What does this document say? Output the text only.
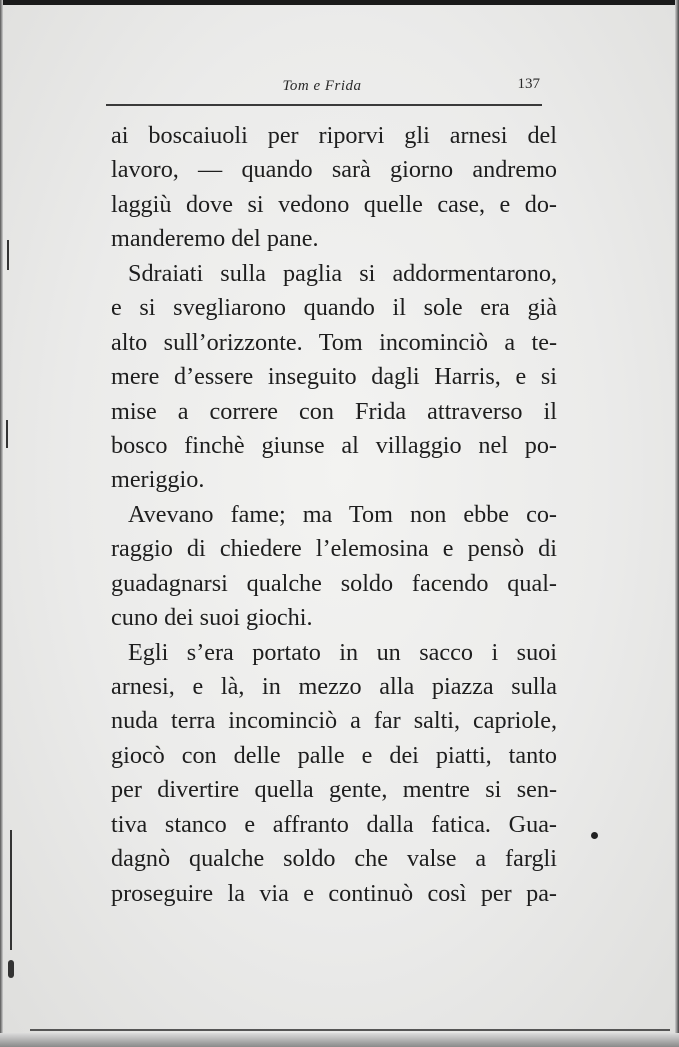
Tom e Frida	137
ai boscaiuoli per riporvi gli arnesi del
lavoro, — quando sarà giorno andremo
laggiù dove si vedono quelle case, e do-
manderemo del pane.
Sdraiati sulla paglia si addormentarono,
e si svegliarono quando il sole era già
alto sull’orizzonte. Tom incominciò a te-
mere d’essere inseguito dagli Harris, e si
mise a correre con Frida attraverso il
bosco finchè giunse al villaggio nel po-
meriggio.
Avevano fame; ma Tom non ebbe co-
raggio di chiedere l’elemosina e pensò di
guadagnarsi qualche soldo facendo qual-
cuno dei suoi giochi.
Egli s’era portato in un sacco i suoi
arnesi, e là, in mezzo alla piazza sulla
nuda terra incominciò a far salti, capriole,
giocò con delle palle e dei piatti, tanto
per divertire quella gente, mentre si sen-
tiva stanco e affranto dalla fatica. Gua-
dagnò qualche soldo che valse a fargli
proseguire la via e continuò così per pa-
